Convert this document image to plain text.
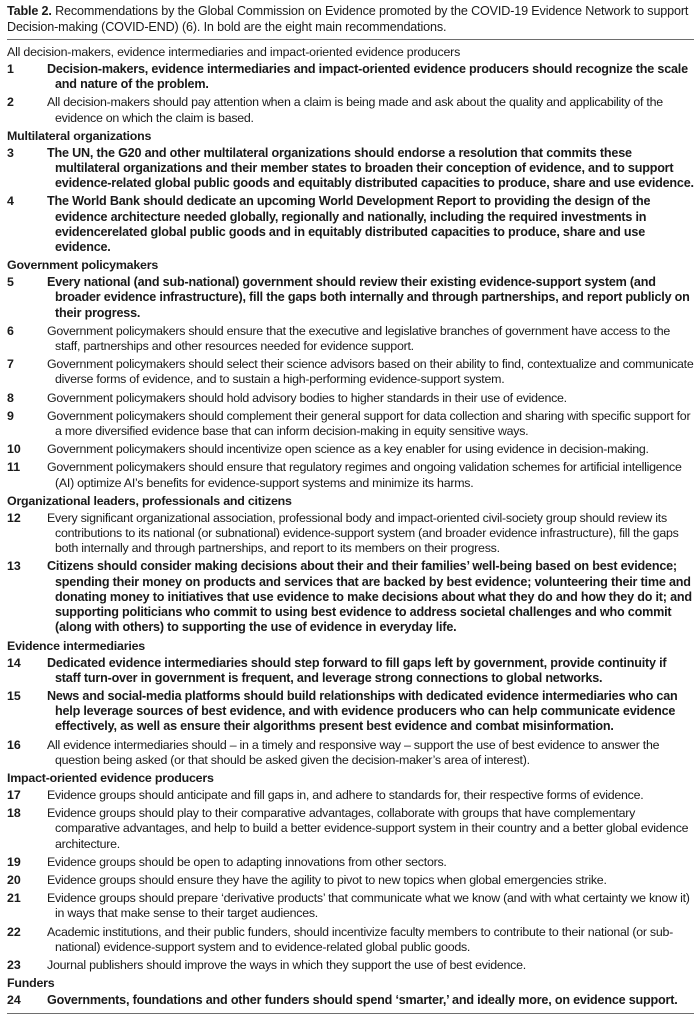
Table 2. Recommendations by the Global Commission on Evidence promoted by the COVID-19 Evidence Network to support Decision-making (COVID-END) (6). In bold are the eight main recommendations.
All decision-makers, evidence intermediaries and impact-oriented evidence producers
1	Decision-makers, evidence intermediaries and impact-oriented evidence producers should recognize the scale and nature of the problem.
2	All decision-makers should pay attention when a claim is being made and ask about the quality and applicability of the evidence on which the claim is based.
Multilateral organizations
3	The UN, the G20 and other multilateral organizations should endorse a resolution that commits these multilateral organizations and their member states to broaden their conception of evidence, and to support evidence-related global public goods and equitably distributed capacities to produce, share and use evidence.
4	The World Bank should dedicate an upcoming World Development Report to providing the design of the evidence architecture needed globally, regionally and nationally, including the required investments in evidencerelated global public goods and in equitably distributed capacities to produce, share and use evidence.
Government policymakers
5	Every national (and sub-national) government should review their existing evidence-support system (and broader evidence infrastructure), fill the gaps both internally and through partnerships, and report publicly on their progress.
6	Government policymakers should ensure that the executive and legislative branches of government have access to the staff, partnerships and other resources needed for evidence support.
7	Government policymakers should select their science advisors based on their ability to find, contextualize and communicate diverse forms of evidence, and to sustain a high-performing evidence-support system.
8	Government policymakers should hold advisory bodies to higher standards in their use of evidence.
9	Government policymakers should complement their general support for data collection and sharing with specific support for a more diversified evidence base that can inform decision-making in equity sensitive ways.
10	Government policymakers should incentivize open science as a key enabler for using evidence in decision-making.
11	Government policymakers should ensure that regulatory regimes and ongoing validation schemes for artificial intelligence (AI) optimize AI’s benefits for evidence-support systems and minimize its harms.
Organizational leaders, professionals and citizens
12	Every significant organizational association, professional body and impact-oriented civil-society group should review its contributions to its national (or subnational) evidence-support system (and broader evidence infrastructure), fill the gaps both internally and through partnerships, and report to its members on their progress.
13	Citizens should consider making decisions about their and their families’ well-being based on best evidence; spending their money on products and services that are backed by best evidence; volunteering their time and donating money to initiatives that use evidence to make decisions about what they do and how they do it; and supporting politicians who commit to using best evidence to address societal challenges and who commit (along with others) to supporting the use of evidence in everyday life.
Evidence intermediaries
14	Dedicated evidence intermediaries should step forward to fill gaps left by government, provide continuity if staff turn-over in government is frequent, and leverage strong connections to global networks.
15	News and social-media platforms should build relationships with dedicated evidence intermediaries who can help leverage sources of best evidence, and with evidence producers who can help communicate evidence effectively, as well as ensure their algorithms present best evidence and combat misinformation.
16	All evidence intermediaries should – in a timely and responsive way – support the use of best evidence to answer the question being asked (or that should be asked given the decision-maker’s area of interest).
Impact-oriented evidence producers
17	Evidence groups should anticipate and fill gaps in, and adhere to standards for, their respective forms of evidence.
18	Evidence groups should play to their comparative advantages, collaborate with groups that have complementary comparative advantages, and help to build a better evidence-support system in their country and a better global evidence architecture.
19	Evidence groups should be open to adapting innovations from other sectors.
20	Evidence groups should ensure they have the agility to pivot to new topics when global emergencies strike.
21	Evidence groups should prepare ‘derivative products’ that communicate what we know (and with what certainty we know it) in ways that make sense to their target audiences.
22	Academic institutions, and their public funders, should incentivize faculty members to contribute to their national (or sub-national) evidence-support system and to evidence-related global public goods.
23	Journal publishers should improve the ways in which they support the use of best evidence.
Funders
24	Governments, foundations and other funders should spend ‘smarter,’ and ideally more, on evidence support.
